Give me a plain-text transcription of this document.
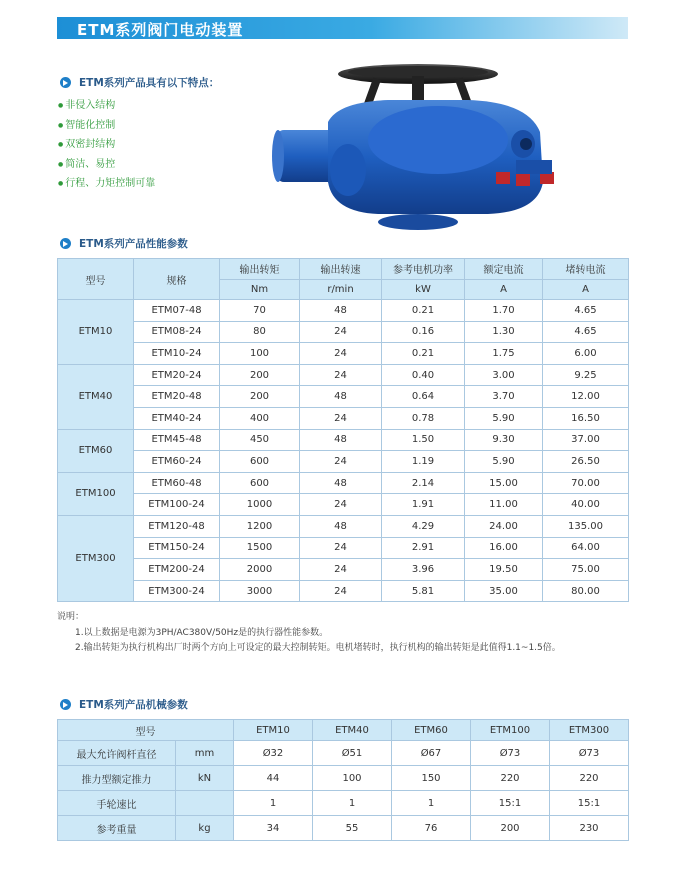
ETM系列阀门电动装置
ETM系列产品具有以下特点：
● 非侵入结构
● 智能化控制
● 双密封结构
● 简洁、易控
● 行程、力矩控制可靠
ETM系列产品性能参数
型号	规格	输出转矩	输出转速	参考电机功率	额定电流	堵转电流
		Nm	r/min	kW	A	A
ETM10	ETM07-48	70	48	0.21	1.70	4.65
	ETM08-24	80	24	0.16	1.30	4.65
	ETM10-24	100	24	0.21	1.75	6.00
ETM40	ETM20-24	200	24	0.40	3.00	9.25
	ETM20-48	200	48	0.64	3.70	12.00
	ETM40-24	400	24	0.78	5.90	16.50
ETM60	ETM45-48	450	48	1.50	9.30	37.00
	ETM60-24	600	24	1.19	5.90	26.50
ETM100	ETM60-48	600	48	2.14	15.00	70.00
	ETM100-24	1000	24	1.91	11.00	40.00
ETM300	ETM120-48	1200	48	4.29	24.00	135.00
	ETM150-24	1500	24	2.91	16.00	64.00
	ETM200-24	2000	24	3.96	19.50	75.00
	ETM300-24	3000	24	5.81	35.00	80.00
说明：
1.以上数据是电源为3PH/AC380V/50Hz是的执行器性能参数。
2.输出转矩为执行机构出厂时两个方向上可设定的最大控制转矩。电机堵转时，执行机构的输出转矩是此值得1.1~1.5倍。
ETM系列产品机械参数
型号		ETM10	ETM40	ETM60	ETM100	ETM300
最大允许阀杆直径	mm	Ø32	Ø51	Ø67	Ø73	Ø73
推力型额定推力	kN	44	100	150	220	220
手轮速比		1	1	1	15:1	15:1
参考重量	kg	34	55	76	200	230
